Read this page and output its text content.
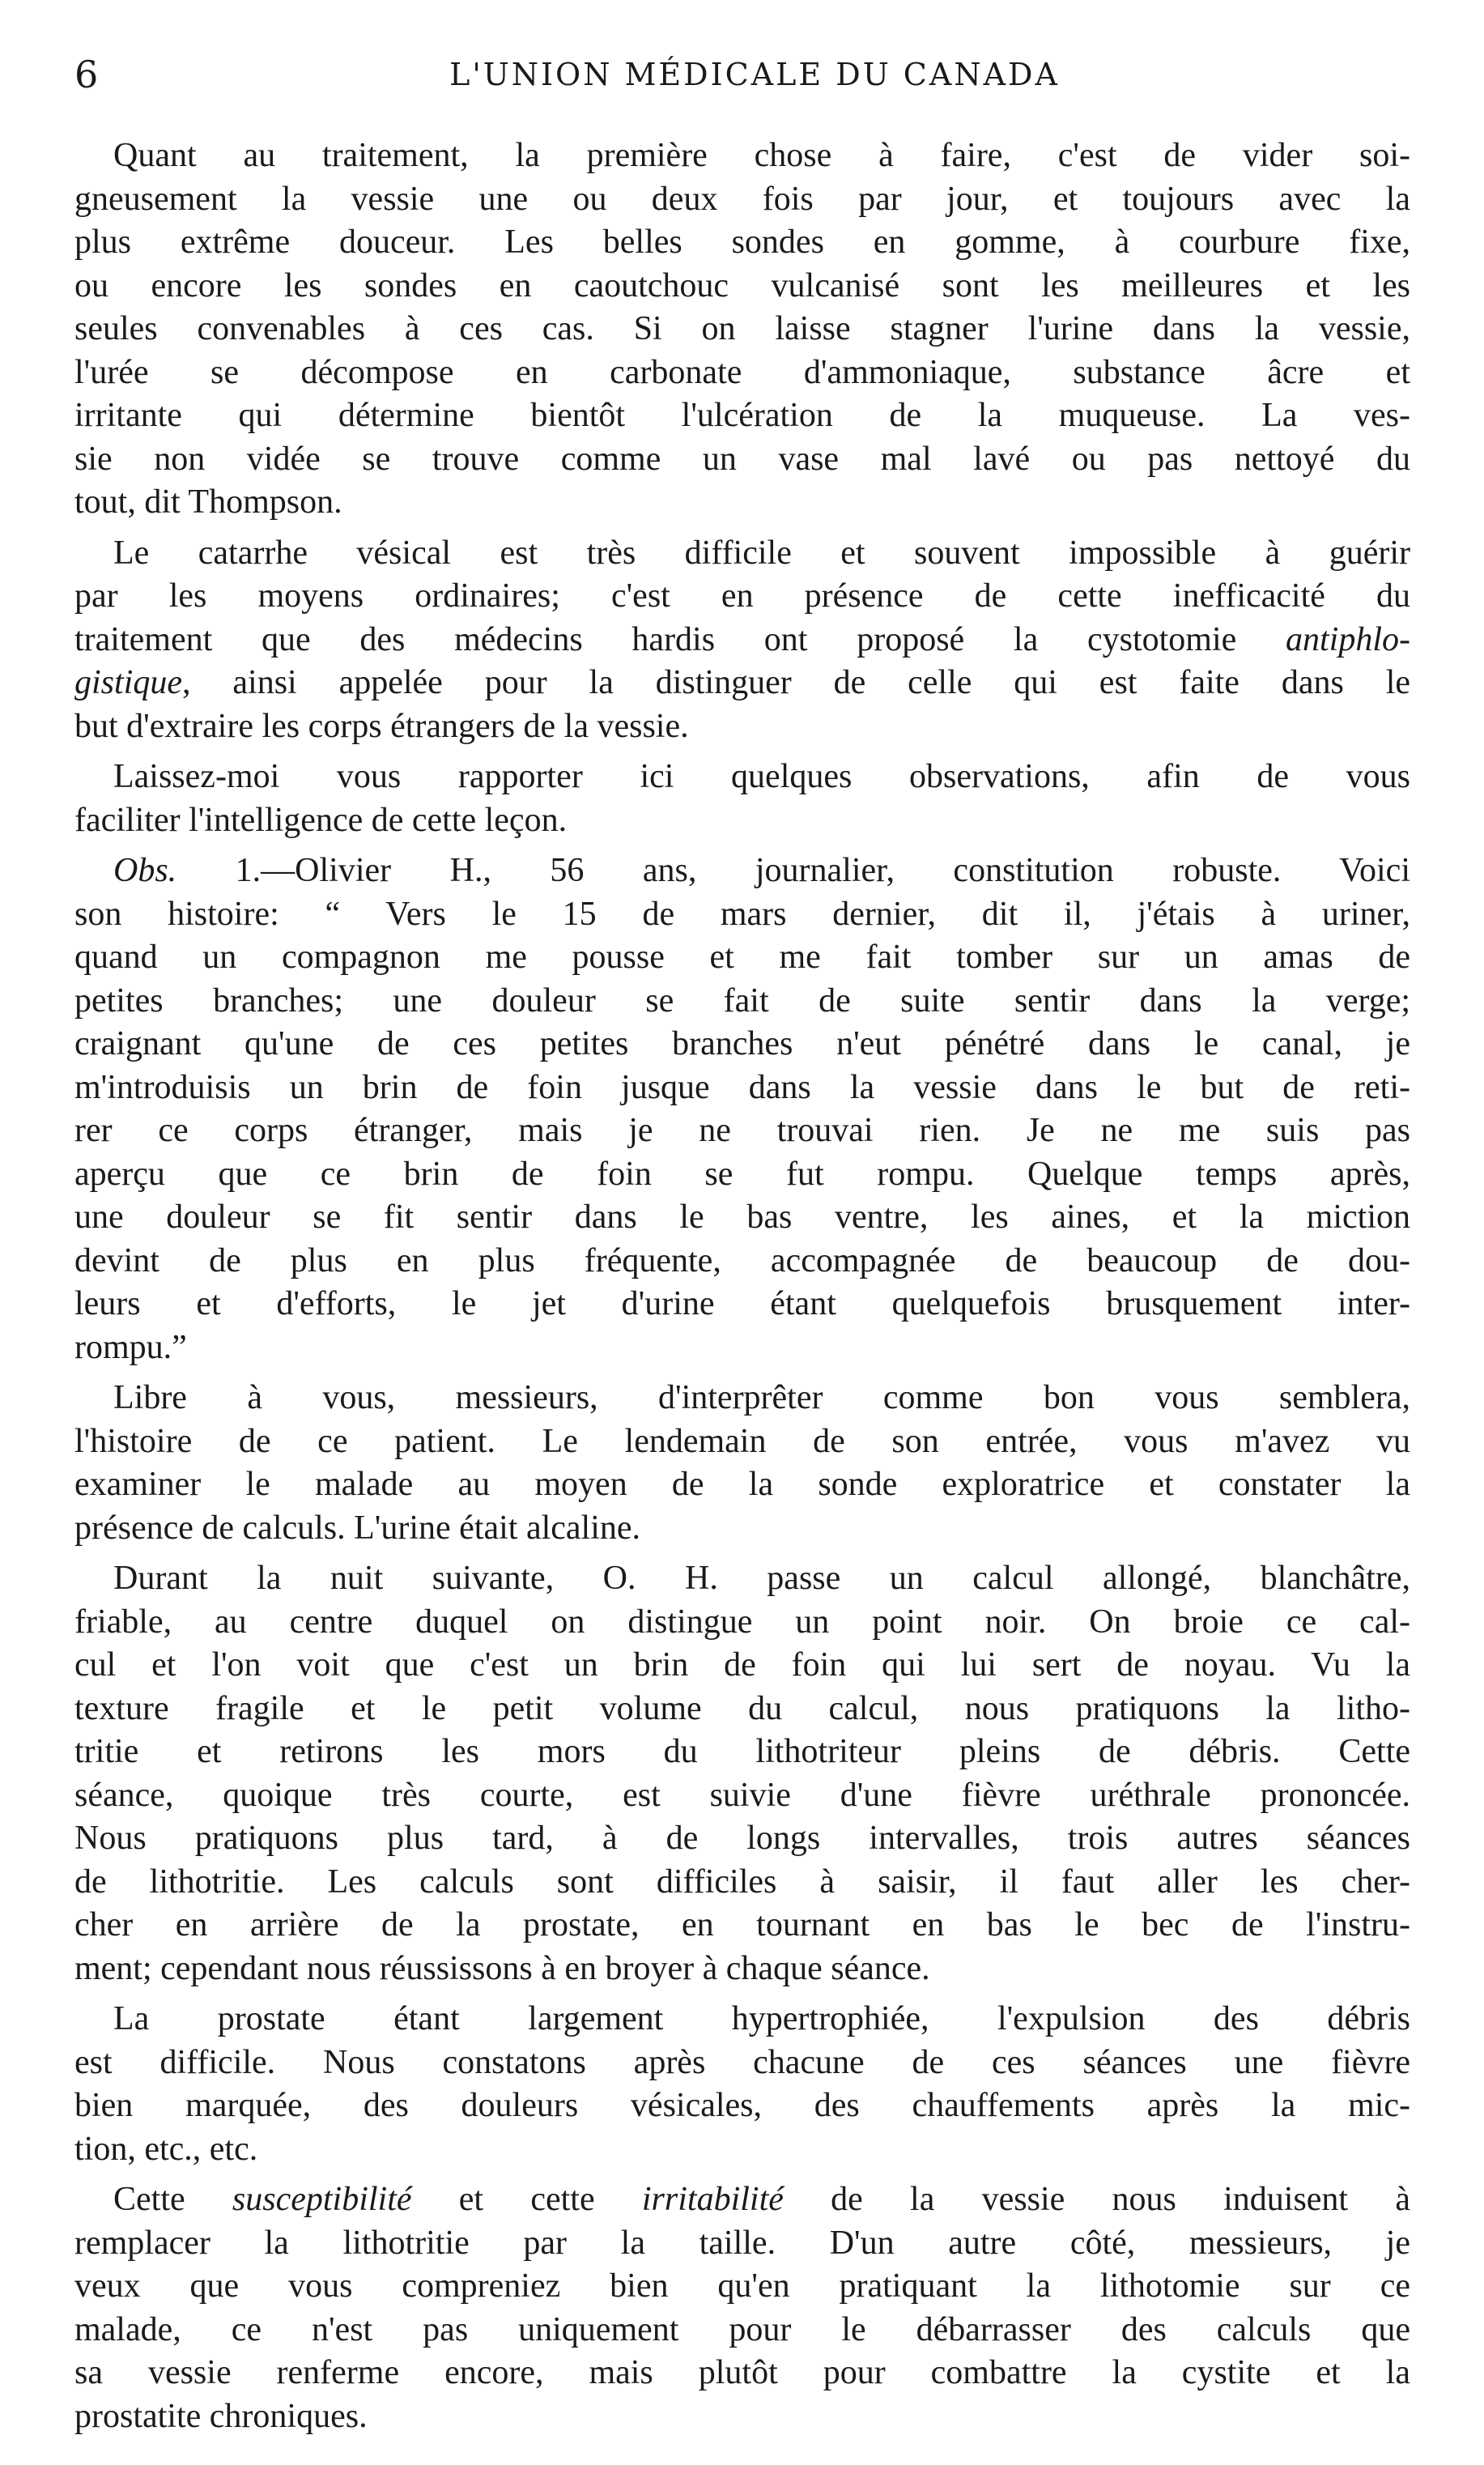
6	L'UNION MÉDICALE DU CANADA
Quant au traitement, la première chose à faire, c'est de vider soi-
gneusement la vessie une ou deux fois par jour, et toujours avec la
plus extrême douceur. Les belles sondes en gomme, à courbure fixe,
ou encore les sondes en caoutchouc vulcanisé sont les meilleures et les
seules convenables à ces cas. Si on laisse stagner l'urine dans la vessie,
l'urée se décompose en carbonate d'ammoniaque, substance âcre et
irritante qui détermine bientôt l'ulcération de la muqueuse. La ves-
sie non vidée se trouve comme un vase mal lavé ou pas nettoyé du
tout, dit Thompson.
Le catarrhe vésical est très difficile et souvent impossible à guérir
par les moyens ordinaires; c'est en présence de cette inefficacité du
traitement que des médecins hardis ont proposé la cystotomie antiphlo-
gistique, ainsi appelée pour la distinguer de celle qui est faite dans le
but d'extraire les corps étrangers de la vessie.
Laissez-moi vous rapporter ici quelques observations, afin de vous
faciliter l'intelligence de cette leçon.
Obs. 1.—Olivier H., 56 ans, journalier, constitution robuste. Voici
son histoire: “ Vers le 15 de mars dernier, dit il, j'étais à uriner,
quand un compagnon me pousse et me fait tomber sur un amas de
petites branches; une douleur se fait de suite sentir dans la verge;
craignant qu'une de ces petites branches n'eut pénétré dans le canal, je
m'introduisis un brin de foin jusque dans la vessie dans le but de reti-
rer ce corps étranger, mais je ne trouvai rien. Je ne me suis pas
aperçu que ce brin de foin se fut rompu. Quelque temps après,
une douleur se fit sentir dans le bas ventre, les aines, et la miction
devint de plus en plus fréquente, accompagnée de beaucoup de dou-
leurs et d'efforts, le jet d'urine étant quelquefois brusquement inter-
rompu.”
Libre à vous, messieurs, d'interprêter comme bon vous semblera,
l'histoire de ce patient. Le lendemain de son entrée, vous m'avez vu
examiner le malade au moyen de la sonde exploratrice et constater la
présence de calculs. L'urine était alcaline.
Durant la nuit suivante, O. H. passe un calcul allongé, blanchâtre,
friable, au centre duquel on distingue un point noir. On broie ce cal-
cul et l'on voit que c'est un brin de foin qui lui sert de noyau. Vu la
texture fragile et le petit volume du calcul, nous pratiquons la litho-
tritie et retirons les mors du lithotriteur pleins de débris. Cette
séance, quoique très courte, est suivie d'une fièvre uréthrale prononcée.
Nous pratiquons plus tard, à de longs intervalles, trois autres séances
de lithotritie. Les calculs sont difficiles à saisir, il faut aller les cher-
cher en arrière de la prostate, en tournant en bas le bec de l'instru-
ment; cependant nous réussissons à en broyer à chaque séance.
La prostate étant largement hypertrophiée, l'expulsion des débris
est difficile. Nous constatons après chacune de ces séances une fièvre
bien marquée, des douleurs vésicales, des chauffements après la mic-
tion, etc., etc.
Cette susceptibilité et cette irritabilité de la vessie nous induisent à
remplacer la lithotritie par la taille. D'un autre côté, messieurs, je
veux que vous compreniez bien qu'en pratiquant la lithotomie sur ce
malade, ce n'est pas uniquement pour le débarrasser des calculs que
sa vessie renferme encore, mais plutôt pour combattre la cystite et la
prostatite chroniques.
